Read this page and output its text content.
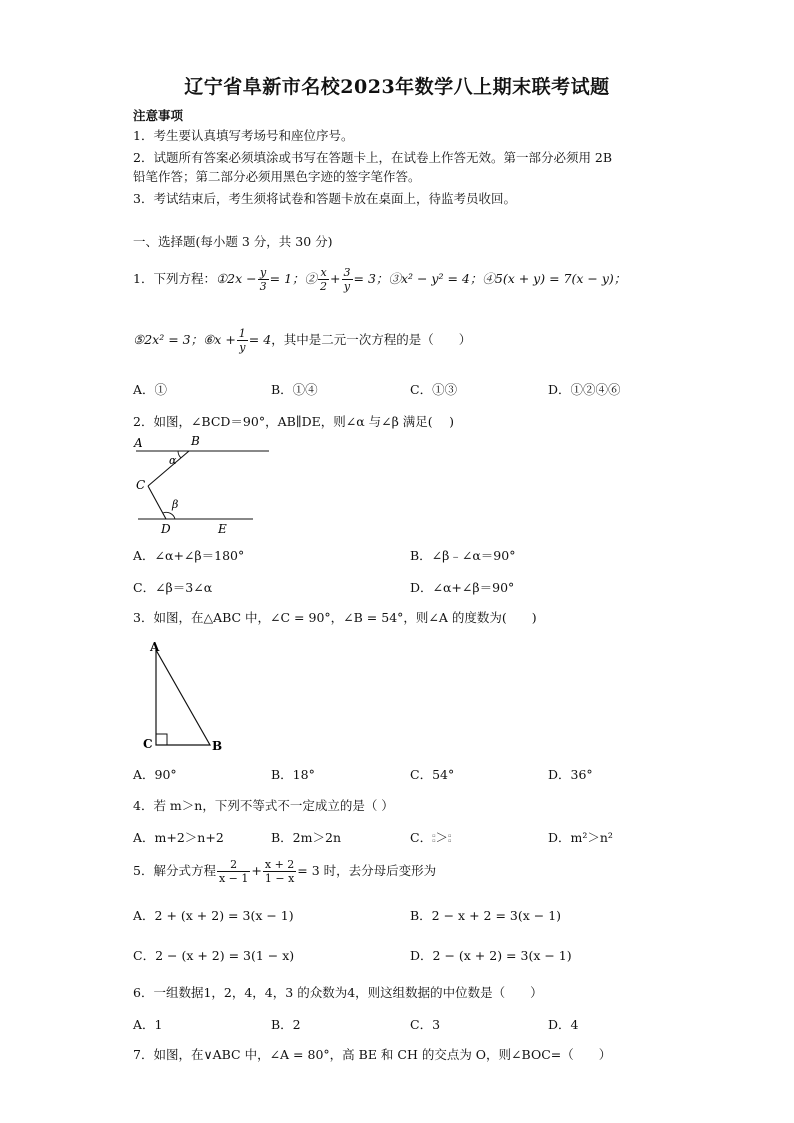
辽宁省阜新市名校2023年数学八上期末联考试题
注意事项
1．考生要认真填写考场号和座位序号。
2．试题所有答案必须填涂或书写在答题卡上，在试卷上作答无效。第一部分必须用 2B
铅笔作答；第二部分必须用黑色字迹的签字笔作答。
3．考试结束后，考生须将试卷和答题卡放在桌面上，待监考员收回。
一、选择题(每小题 3 分，共 30 分)
1．下列方程：①2x − $\frac{y}{3} = 1$；② $\frac{x}{2} + \frac{3}{y} = 3$；③x² − y² = 4；④5(x + y) = 7(x − y)；
⑤2x² = 3；⑥x + $\frac{1}{y} = 4$，其中是二元一次方程的是（　　）
A．①	B．①④	C．①③	D．①②④⑥
2．如图，∠BCD＝90°，AB∥DE，则∠α 与∠β 满足(　 )
A	B
α
C
β
D	E
A．∠α+∠β＝180°	B．∠β﹣∠α＝90°
C．∠β＝3∠α	D．∠α+∠β＝90°
3．如图，在△ABC 中，∠C = 90°，∠B = 54°，则∠A 的度数为(　　)
A
C	B
A．90°	B．18°	C．54°	D．36°
4．若 m＞n，下列不等式不一定成立的是（ ）
A．m+2＞n+2	B．2m＞2n	C．▫
▫＞▫
▫	D．m²＞n²
5．解分式方程 $\frac{2}{x - 1} + \frac{x + 2}{1 - x} = 3$ 时，去分母后变形为
A．2 + (x + 2) = 3(x − 1)	B．2 − x + 2 = 3(x − 1)
C．2 − (x + 2) = 3(1 − x)	D．2 − (x + 2) = 3(x − 1)
6．一组数据1，2，4，4，3 的众数为4，则这组数据的中位数是（　　）
A．1	B．2	C．3	D．4
7．如图，在∨ABC 中，∠A = 80°，高 BE 和 CH 的交点为 O，则∠BOC=（　　）
